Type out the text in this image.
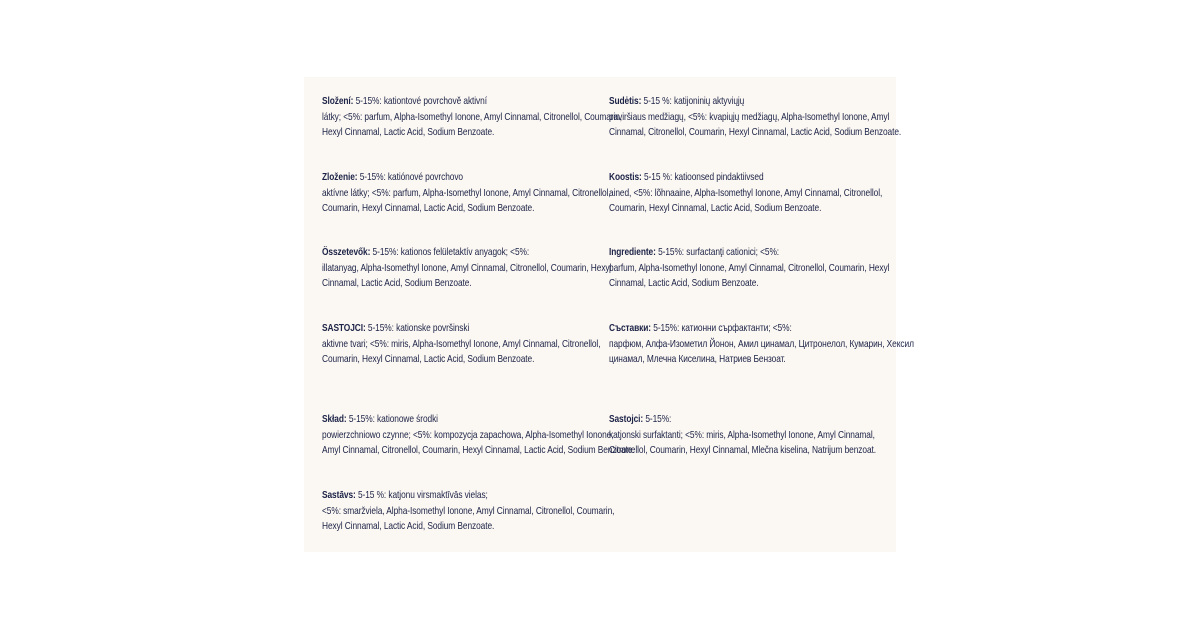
Složení: 5-15%: kationtové povrchově aktivní
látky; <5%: parfum, Alpha-Isomethyl Ionone, Amyl Cinnamal, Citronellol, Coumarin,
Hexyl Cinnamal, Lactic Acid, Sodium Benzoate.
Sudėtis: 5-15 %: katijoninių aktyviųjų
paviršiaus medžiagų, <5%: kvapiųjų medžiagų, Alpha-Isomethyl Ionone, Amyl
Cinnamal, Citronellol, Coumarin, Hexyl Cinnamal, Lactic Acid, Sodium Benzoate.
Zloženie: 5-15%: katiónové povrchovo
aktívne látky; <5%: parfum, Alpha-Isomethyl Ionone, Amyl Cinnamal, Citronellol,
Coumarin, Hexyl Cinnamal, Lactic Acid, Sodium Benzoate.
Koostis: 5-15 %: katioonsed pindaktiivsed
ained, <5%: lõhnaaine, Alpha-Isomethyl Ionone, Amyl Cinnamal, Citronellol,
Coumarin, Hexyl Cinnamal, Lactic Acid, Sodium Benzoate.
Összetevők: 5-15%: kationos felületaktív anyagok; <5%:
illatanyag, Alpha-Isomethyl Ionone, Amyl Cinnamal, Citronellol, Coumarin, Hexyl
Cinnamal, Lactic Acid, Sodium Benzoate.
Ingrediente: 5-15%: surfactanţi cationici; <5%:
parfum, Alpha-Isomethyl Ionone, Amyl Cinnamal, Citronellol, Coumarin, Hexyl
Cinnamal, Lactic Acid, Sodium Benzoate.
SASTOJCI: 5-15%: kationske površinski
aktivne tvari; <5%: miris, Alpha-Isomethyl Ionone, Amyl Cinnamal, Citronellol,
Coumarin, Hexyl Cinnamal, Lactic Acid, Sodium Benzoate.
Съставки: 5-15%: катионни сърфактанти; <5%:
парфюм, Алфа-Изометил Йонон, Амил цинамал, Цитронелол, Кумарин, Хексил
цинамал, Млечна Киселина, Натриев Бензоат.
Skład: 5-15%: kationowe środki
powierzchniowo czynne; <5%: kompozycja zapachowa, Alpha-Isomethyl Ionone,
Amyl Cinnamal, Citronellol, Coumarin, Hexyl Cinnamal, Lactic Acid, Sodium Benzoate.
Sastojci: 5-15%:
katjonski surfaktanti; <5%: miris, Alpha-Isomethyl Ionone, Amyl Cinnamal,
Citronellol, Coumarin, Hexyl Cinnamal, Mlečna kiselina, Natrijum benzoat.
Sastāvs: 5-15 %: katjonu virsmaktīvās vielas;
<5%: smaržviela, Alpha-Isomethyl Ionone, Amyl Cinnamal, Citronellol, Coumarin,
Hexyl Cinnamal, Lactic Acid, Sodium Benzoate.
